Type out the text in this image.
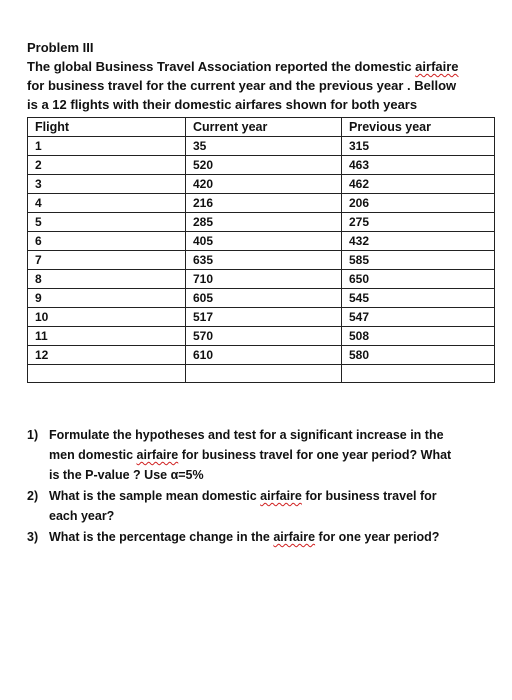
Problem III
The global Business Travel Association reported the domestic airfaire
for business travel for the current year and the previous year . Bellow
is a 12 flights with their domestic airfares shown for both years
Flight	Current year	Previous year
1	35	315
2	520	463
3	420	462
4	216	206
5	285	275
6	405	432
7	635	585
8	710	650
9	605	545
10	517	547
11	570	508
12	610	580

1) Formulate the hypotheses and test for a significant increase in the
men domestic airfaire for business travel for one year period? What
is the P-value ? Use α=5%
2) What is the sample mean domestic airfaire for business travel for
each year?
3) What is the percentage change in the airfaire for one year period?
